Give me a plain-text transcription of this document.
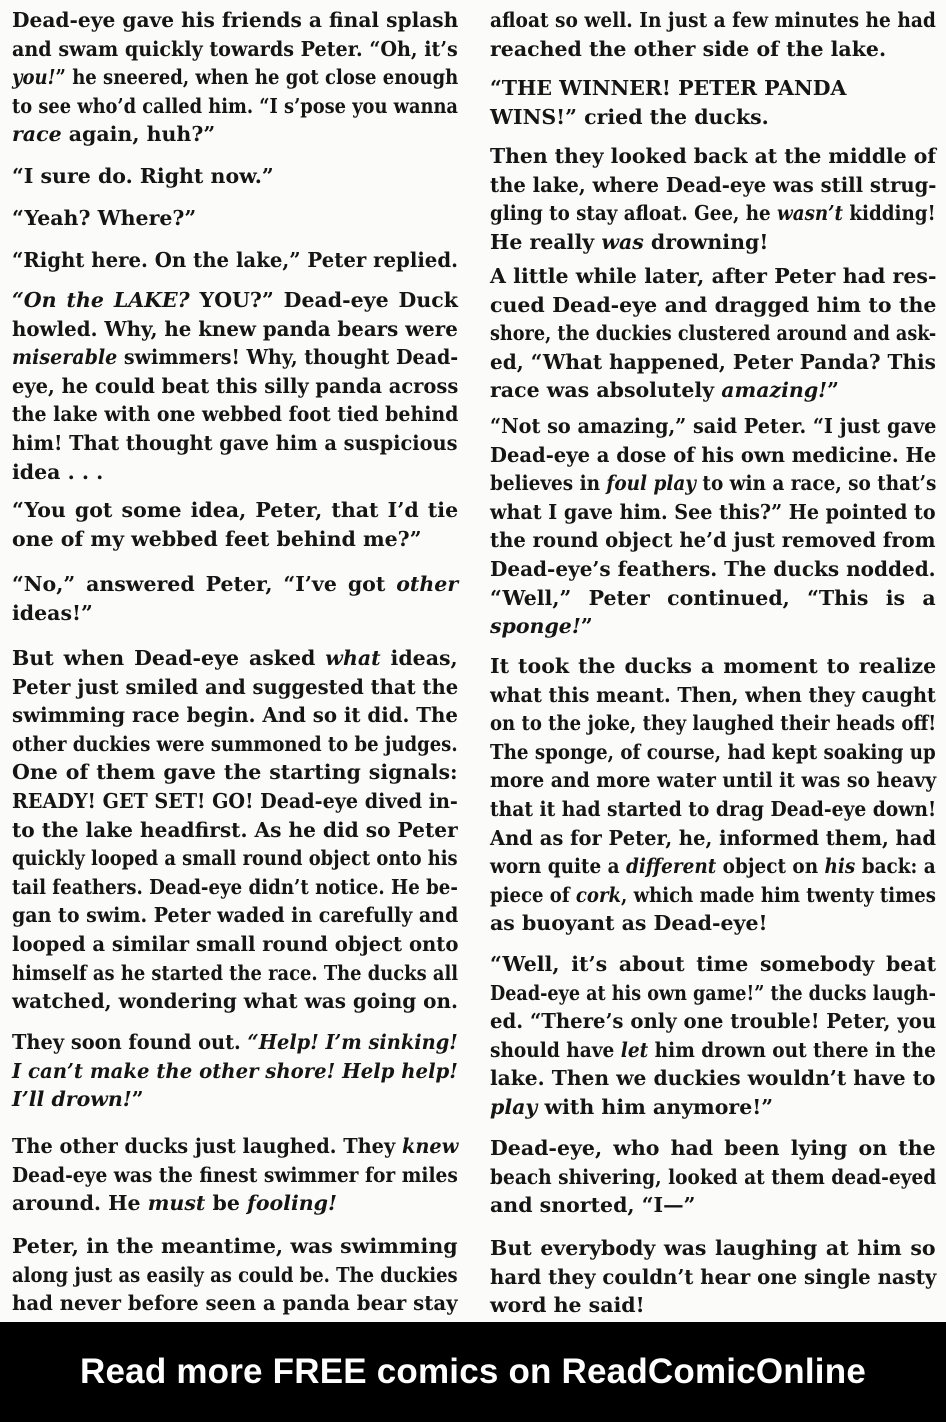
Dead-eye gave his friends a final splash
and swam quickly towards Peter. “Oh, it’s
you!” he sneered, when he got close enough
to see who’d called him. “I s’pose you wanna
race again, huh?”
“I sure do. Right now.”
“Yeah? Where?”
“Right here. On the lake,” Peter replied.
“On the LAKE? YOU?” Dead-eye Duck
howled. Why, he knew panda bears were
miserable swimmers! Why, thought Dead-
eye, he could beat this silly panda across
the lake with one webbed foot tied behind
him! That thought gave him a suspicious
idea . . .
“You got some idea, Peter, that I’d tie
one of my webbed feet behind me?”
“No,” answered Peter, “I’ve got other
ideas!”
But when Dead-eye asked what ideas,
Peter just smiled and suggested that the
swimming race begin. And so it did. The
other duckies were summoned to be judges.
One of them gave the starting signals:
READY! GET SET! GO! Dead-eye dived in-
to the lake headfirst. As he did so Peter
quickly looped a small round object onto his
tail feathers. Dead-eye didn’t notice. He be-
gan to swim. Peter waded in carefully and
looped a similar small round object onto
himself as he started the race. The ducks all
watched, wondering what was going on.
They soon found out. “Help! I’m sinking!
I can’t make the other shore! Help help!
I’ll drown!”
The other ducks just laughed. They knew
Dead-eye was the finest swimmer for miles
around. He must be fooling!
Peter, in the meantime, was swimming
along just as easily as could be. The duckies
had never before seen a panda bear stay
afloat so well. In just a few minutes he had
reached the other side of the lake.
“THE WINNER! PETER PANDA
WINS!” cried the ducks.
Then they looked back at the middle of
the lake, where Dead-eye was still strug-
gling to stay afloat. Gee, he wasn’t kidding!
He really was drowning!
A little while later, after Peter had res-
cued Dead-eye and dragged him to the
shore, the duckies clustered around and ask-
ed, “What happened, Peter Panda? This
race was absolutely amazing!”
“Not so amazing,” said Peter. “I just gave
Dead-eye a dose of his own medicine. He
believes in foul play to win a race, so that’s
what I gave him. See this?” He pointed to
the round object he’d just removed from
Dead-eye’s feathers. The ducks nodded.
“Well,” Peter continued, “This is a
sponge!”
It took the ducks a moment to realize
what this meant. Then, when they caught
on to the joke, they laughed their heads off!
The sponge, of course, had kept soaking up
more and more water until it was so heavy
that it had started to drag Dead-eye down!
And as for Peter, he, informed them, had
worn quite a different object on his back: a
piece of cork, which made him twenty times
as buoyant as Dead-eye!
“Well, it’s about time somebody beat
Dead-eye at his own game!” the ducks laugh-
ed. “There’s only one trouble! Peter, you
should have let him drown out there in the
lake. Then we duckies wouldn’t have to
play with him anymore!”
Dead-eye, who had been lying on the
beach shivering, looked at them dead-eyed
and snorted, “I—”
But everybody was laughing at him so
hard they couldn’t hear one single nasty
word he said!
Read more FREE comics on ReadComicOnline
